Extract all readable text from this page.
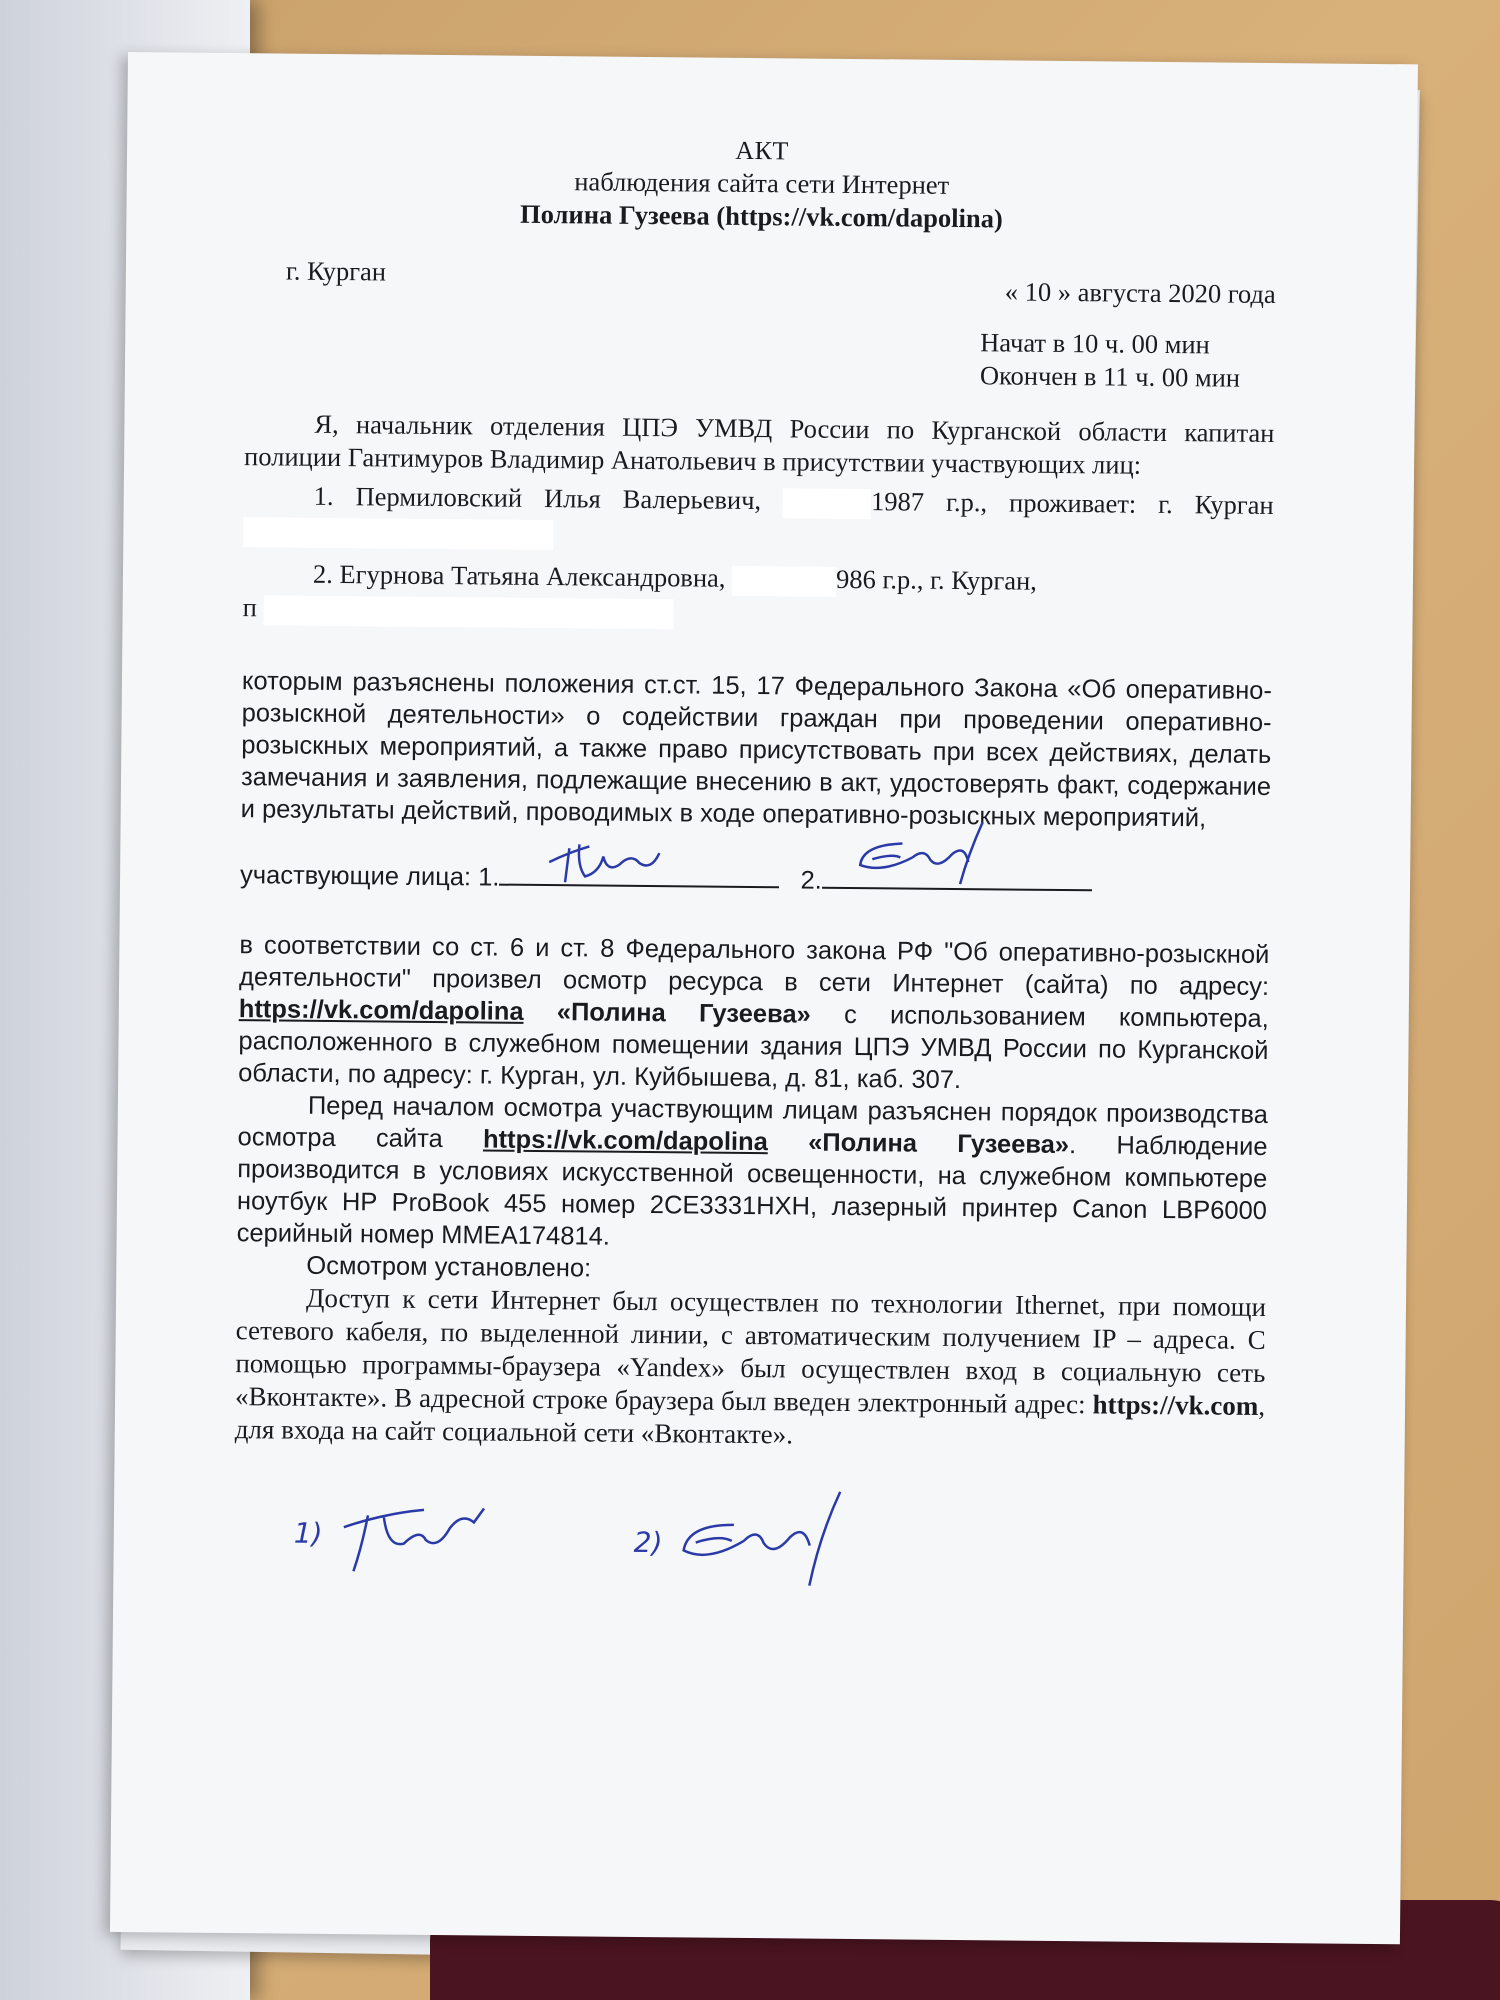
АКТ
наблюдения сайта сети Интернет
Полина Гузеева (https://vk.com/dapolina)
г. Курган
« 10 » августа 2020 года
Начат в 10 ч. 00 мин
Окончен в 11 ч. 00 мин
Я, начальник отделения ЦПЭ УМВД России по Курганской области капитан полиции Гантимуров Владимир Анатольевич в присутствии участвующих лиц:
1. Пермиловский Илья Валерьевич,	1987 г.р., проживает: г. Курган
2. Егурнова Татьяна Александровна,	986 г.р., г. Курган,
п
которым разъяснены положения ст.ст. 15, 17 Федерального Закона «Об оперативно-розыскной деятельности» о содействии граждан при проведении оперативно-розыскных мероприятий, а также право присутствовать при всех действиях, делать замечания и заявления, подлежащие внесению в акт, удостоверять факт, содержание и результаты действий, проводимых в ходе оперативно-розыскных мероприятий,
участвующие лица: 1.	2.
в соответствии со ст. 6 и ст. 8 Федерального закона РФ "Об оперативно-розыскной деятельности" произвел осмотр ресурса в сети Интернет (сайта) по адресу: https://vk.com/dapolina «Полина Гузеева» с использованием компьютера, расположенного в служебном помещении здания ЦПЭ УМВД России по Курганской области, по адресу: г. Курган, ул. Куйбышева, д. 81, каб. 307.
Перед началом осмотра участвующим лицам разъяснен порядок производства осмотра сайта https://vk.com/dapolina «Полина Гузеева». Наблюдение производится в условиях искусственной освещенности, на служебном компьютере ноутбук HP ProBook 455 номер 2CE3331HXH, лазерный принтер Canon LBP6000 серийный номер MMEA174814.
Осмотром установлено:
Доступ к сети Интернет был осуществлен по технологии Ithernet, при помощи сетевого кабеля, по выделенной линии, с автоматическим получением IP – адреса. С помощью программы-браузера «Yandex» был осуществлен вход в социальную сеть «Вконтакте». В адресной строке браузера был введен электронный адрес: https://vk.com, для входа на сайт социальной сети «Вконтакте».
1)	2)
